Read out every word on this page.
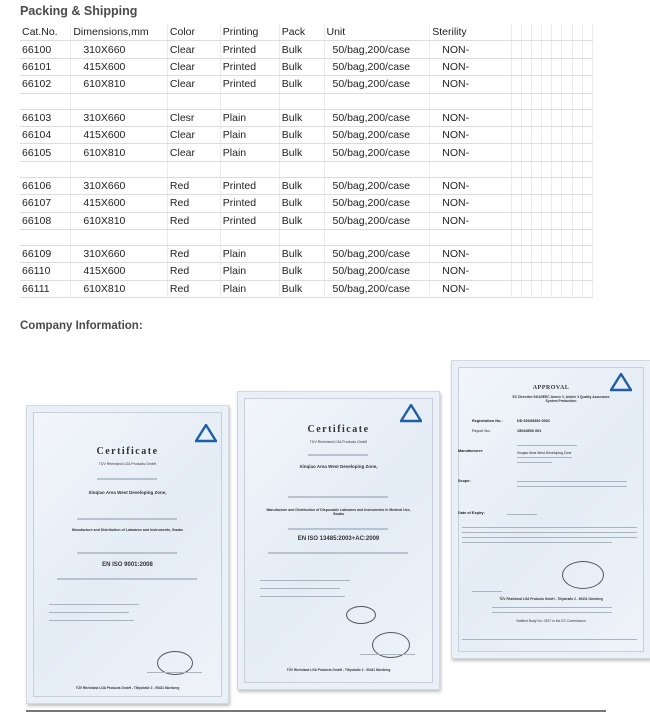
Packing & Shipping
Cat.No.	Dimensions,mm	Color	Printing	Pack	Unit	Sterility								
66100	310X660	Clear	Printed	Bulk	50/bag,200/case	NON-								
66101	415X600	Clear	Printed	Bulk	50/bag,200/case	NON-								
66102	610X810	Clear	Printed	Bulk	50/bag,200/case	NON-								

66103	310X660	Clesr	Plain	Bulk	50/bag,200/case	NON-								
66104	415X600	Clear	Plain	Bulk	50/bag,200/case	NON-								
66105	610X810	Clear	Plain	Bulk	50/bag,200/case	NON-								

66106	310X660	Red	Printed	Bulk	50/bag,200/case	NON-								
66107	415X600	Red	Printed	Bulk	50/bag,200/case	NON-								
66108	610X810	Red	Printed	Bulk	50/bag,200/case	NON-								

66109	310X660	Red	Plain	Bulk	50/bag,200/case	NON-								
66110	415X600	Red	Plain	Bulk	50/bag,200/case	NON-								
66111	610X810	Red	Plain	Bulk	50/bag,200/case	NON-								
Company Information:
Certificate
TÜV Rheinland LGA Products GmbH
Xinqiao Area West Developing Zone,
Manufacture and Distribution of Labwares and Instruments, Swabs
EN ISO 9001:2008
TÜV Rheinland LGA Products GmbH - Tillystraße 2 - 90431 Nürnberg
Certificate
TÜV Rheinland LGA Products GmbH
Xinqiao Area West Developing Zone,
Manufacture and Distribution of Disposable Labwares and Instruments in Medical Use, Swabs
EN ISO 13485:2003+AC:2009
TÜV Rheinland LGA Products GmbH - Tillystraße 2 - 90431 Nürnberg
APPROVAL
EC Directive 93/42/EEC Annex V, Article 3 Quality Assurance System Production
Registration No.:	DD 60039392 0001
Report No.:	15043553 001
Manufacturer:	Xinqiao Area West Developing Zone
Scope:
Date of Expiry:
TÜV Rheinland LGA Products GmbH - Tillystraße 2 - 90431 Nürnberg
Notified Body No. 0197 in the EC Commission
